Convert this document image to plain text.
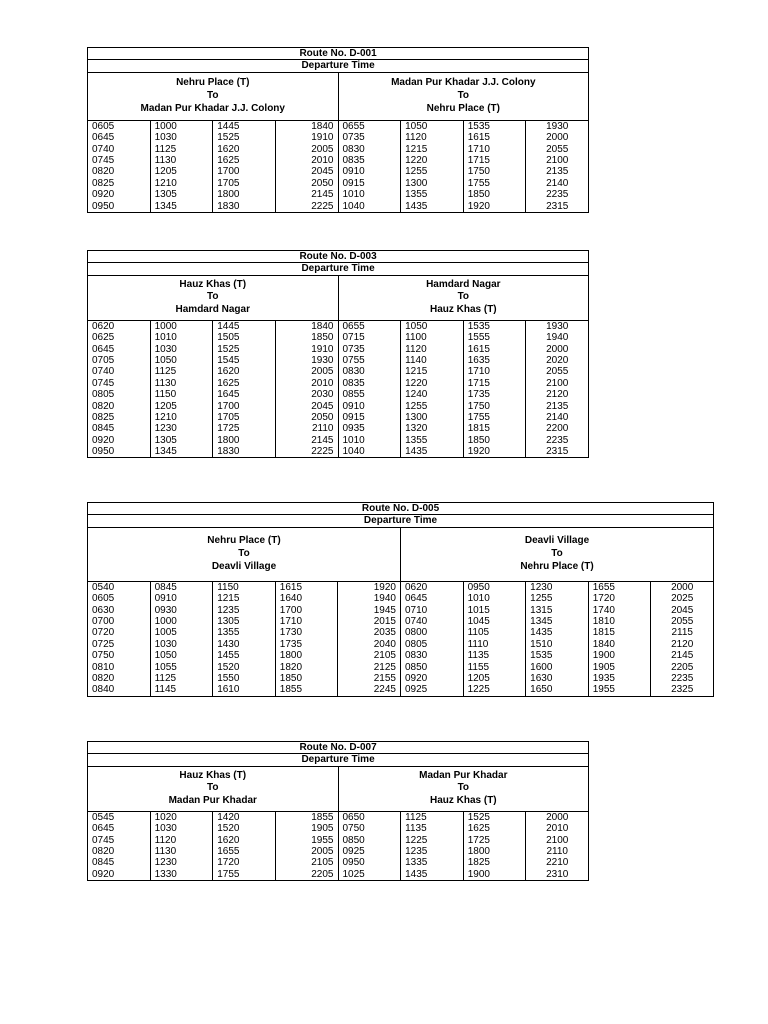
Route No. D-001							
Departure Time							

Nehru Place (T)
To
Madan Pur Khadar J.J. Colony				Madan Pur Khadar J.J. Colony
To
Nehru Place (T)			

0605	1000	1445	1840	0655	1050	1535	1930
0645	1030	1525	1910	0735	1120	1615	2000
0740	1125	1620	2005	0830	1215	1710	2055
0745	1130	1625	2010	0835	1220	1715	2100
0820	1205	1700	2045	0910	1255	1750	2135
0825	1210	1705	2050	0915	1300	1755	2140
0920	1305	1800	2145	1010	1355	1850	2235
0950	1345	1830	2225	1040	1435	1920	2315
Route No. D-003							
Departure Time							

Hauz Khas (T)
To
Hamdard Nagar				Hamdard Nagar
To
Hauz Khas (T)			

0620	1000	1445	1840	0655	1050	1535	1930
0625	1010	1505	1850	0715	1100	1555	1940
0645	1030	1525	1910	0735	1120	1615	2000
0705	1050	1545	1930	0755	1140	1635	2020
0740	1125	1620	2005	0830	1215	1710	2055
0745	1130	1625	2010	0835	1220	1715	2100
0805	1150	1645	2030	0855	1240	1735	2120
0820	1205	1700	2045	0910	1255	1750	2135
0825	1210	1705	2050	0915	1300	1755	2140
0845	1230	1725	2110	0935	1320	1815	2200
0920	1305	1800	2145	1010	1355	1850	2235
0950	1345	1830	2225	1040	1435	1920	2315
Route No. D-005									
Departure Time									

Nehru Place (T)
To
Deavli Village					Deavli Village
To
Nehru Place (T)				

0540	0845	1150	1615	1920	0620	0950	1230	1655	2000
0605	0910	1215	1640	1940	0645	1010	1255	1720	2025
0630	0930	1235	1700	1945	0710	1015	1315	1740	2045
0700	1000	1305	1710	2015	0740	1045	1345	1810	2055
0720	1005	1355	1730	2035	0800	1105	1435	1815	2115
0725	1030	1430	1735	2040	0805	1110	1510	1840	2120
0750	1050	1455	1800	2105	0830	1135	1535	1900	2145
0810	1055	1520	1820	2125	0850	1155	1600	1905	2205
0820	1125	1550	1850	2155	0920	1205	1630	1935	2235
0840	1145	1610	1855	2245	0925	1225	1650	1955	2325
Route No. D-007							
Departure Time							

Hauz Khas (T)
To
Madan Pur Khadar				Madan Pur Khadar
To
Hauz Khas (T)			

0545	1020	1420	1855	0650	1125	1525	2000
0645	1030	1520	1905	0750	1135	1625	2010
0745	1120	1620	1955	0850	1225	1725	2100
0820	1130	1655	2005	0925	1235	1800	2110
0845	1230	1720	2105	0950	1335	1825	2210
0920	1330	1755	2205	1025	1435	1900	2310
